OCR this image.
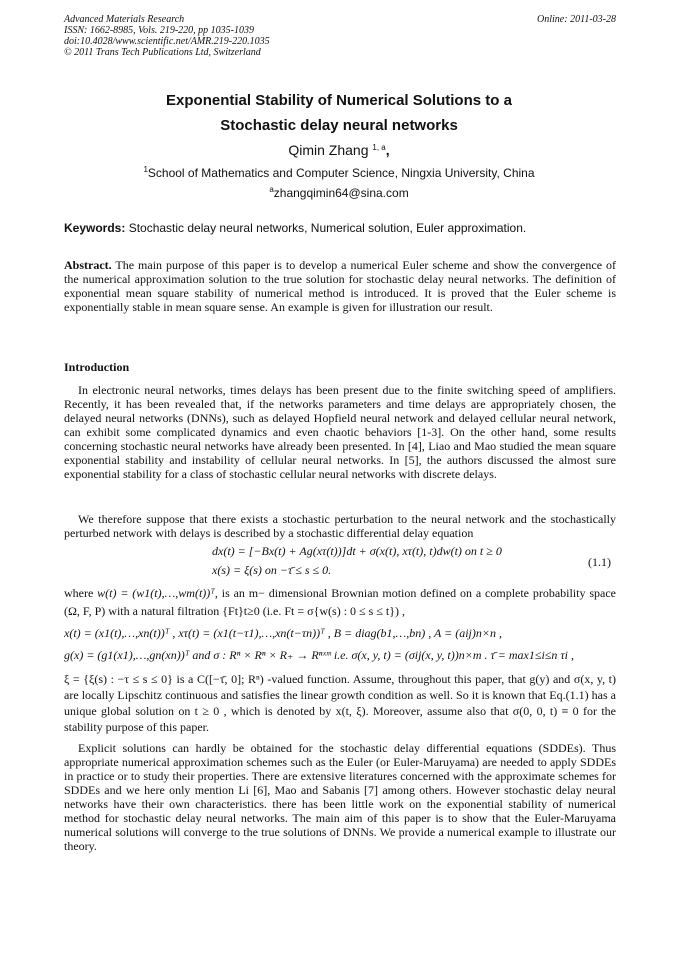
Advanced Materials Research
ISSN: 1662-8985, Vols. 219-220, pp 1035-1039
doi:10.4028/www.scientific.net/AMR.219-220.1035
© 2011 Trans Tech Publications Ltd, Switzerland
Online: 2011-03-28
Exponential Stability of Numerical Solutions to a
Stochastic delay neural networks
Qimin Zhang $^{1, a}$,
$^1$School of Mathematics and Computer Science, Ningxia University, China
$^a$zhangqimin64@sina.com
Keywords: Stochastic delay neural networks, Numerical solution, Euler approximation.

Abstract. The main purpose of this paper is to develop a numerical Euler scheme and show the convergence of the numerical approximation solution to the true solution for stochastic delay neural networks. The definition of exponential mean square stability of numerical method is introduced. It is proved that the Euler scheme is exponentially stable in mean square sense. An example is given for illustration our result.

Introduction

In electronic neural networks, times delays has been present due to the finite switching speed of amplifiers. Recently, it has been revealed that, if the networks parameters and time delays are appropriately chosen, the delayed neural networks (DNNs), such as delayed Hopfield neural network and delayed cellular neural network, can exhibit some complicated dynamics and even chaotic behaviors [1-3]. On the other hand, some results concerning stochastic neural networks have already been presented. In [4], Liao and Mao studied the mean square exponential stability and instability of cellular neural networks. In [5], the authors discussed the almost sure exponential stability for a class of stochastic cellular neural networks with discrete delays.

We therefore suppose that there exists a stochastic perturbation to the neural network and the stochastically perturbed network with delays is described by a stochastic differential delay equation

dx(t) = [−Bx(t) + Ag(xτ(t))]dt + σ(x(t), xτ(t), t)dw(t) on t ≥ 0
x(s) = ξ(s) on −τ̄ ≤ s ≤ 0.
(1.1)

where w(t) = (w1(t),…,wm(t))ᵀ, is an m− dimensional Brownian motion defined on a complete probability space (Ω, F, P) with a natural filtration {Ft}t≥0 (i.e. Ft = σ{w(s) : 0 ≤ s ≤ t}) ,

x(t) = (x1(t),…,xn(t))ᵀ , xτ(t) = (x1(t−τ1),…,xn(t−τn))ᵀ , B = diag(b1,…,bn) , A = (aij)n×n ,

g(x) = (g1(x1),…,gn(xn))ᵀ and σ : Rⁿ × Rⁿ × R₊ → Rⁿˣᵐ i.e. σ(x, y, t) = (σij(x, y, t))n×m . τ̄ = max1≤i≤n τi ,

ξ = {ξ(s) : −τ ≤ s ≤ 0} is a C([−τ̄, 0]; Rⁿ) -valued function. Assume, throughout this paper, that g(y) and σ(x, y, t) are locally Lipschitz continuous and satisfies the linear growth condition as well. So it is known that Eq.(1.1) has a unique global solution on t ≥ 0 , which is denoted by x(t, ξ). Moreover, assume also that σ(0, 0, t) ≡ 0 for the stability purpose of this paper.

Explicit solutions can hardly be obtained for the stochastic delay differential equations (SDDEs). Thus appropriate numerical approximation schemes such as the Euler (or Euler-Maruyama) are needed to apply SDDEs in practice or to study their properties. There are extensive literatures concerned with the approximate schemes for SDDEs and we here only mention Li [6], Mao and Sabanis [7] among others. However stochastic delay neural networks have their own characteristics. there has been little work on the exponential stability of numerical method for stochastic delay neural networks. The main aim of this paper is to show that the Euler-Maruyama numerical solutions will converge to the true solutions of DNNs. We provide a numerical example to illustrate our theory.
